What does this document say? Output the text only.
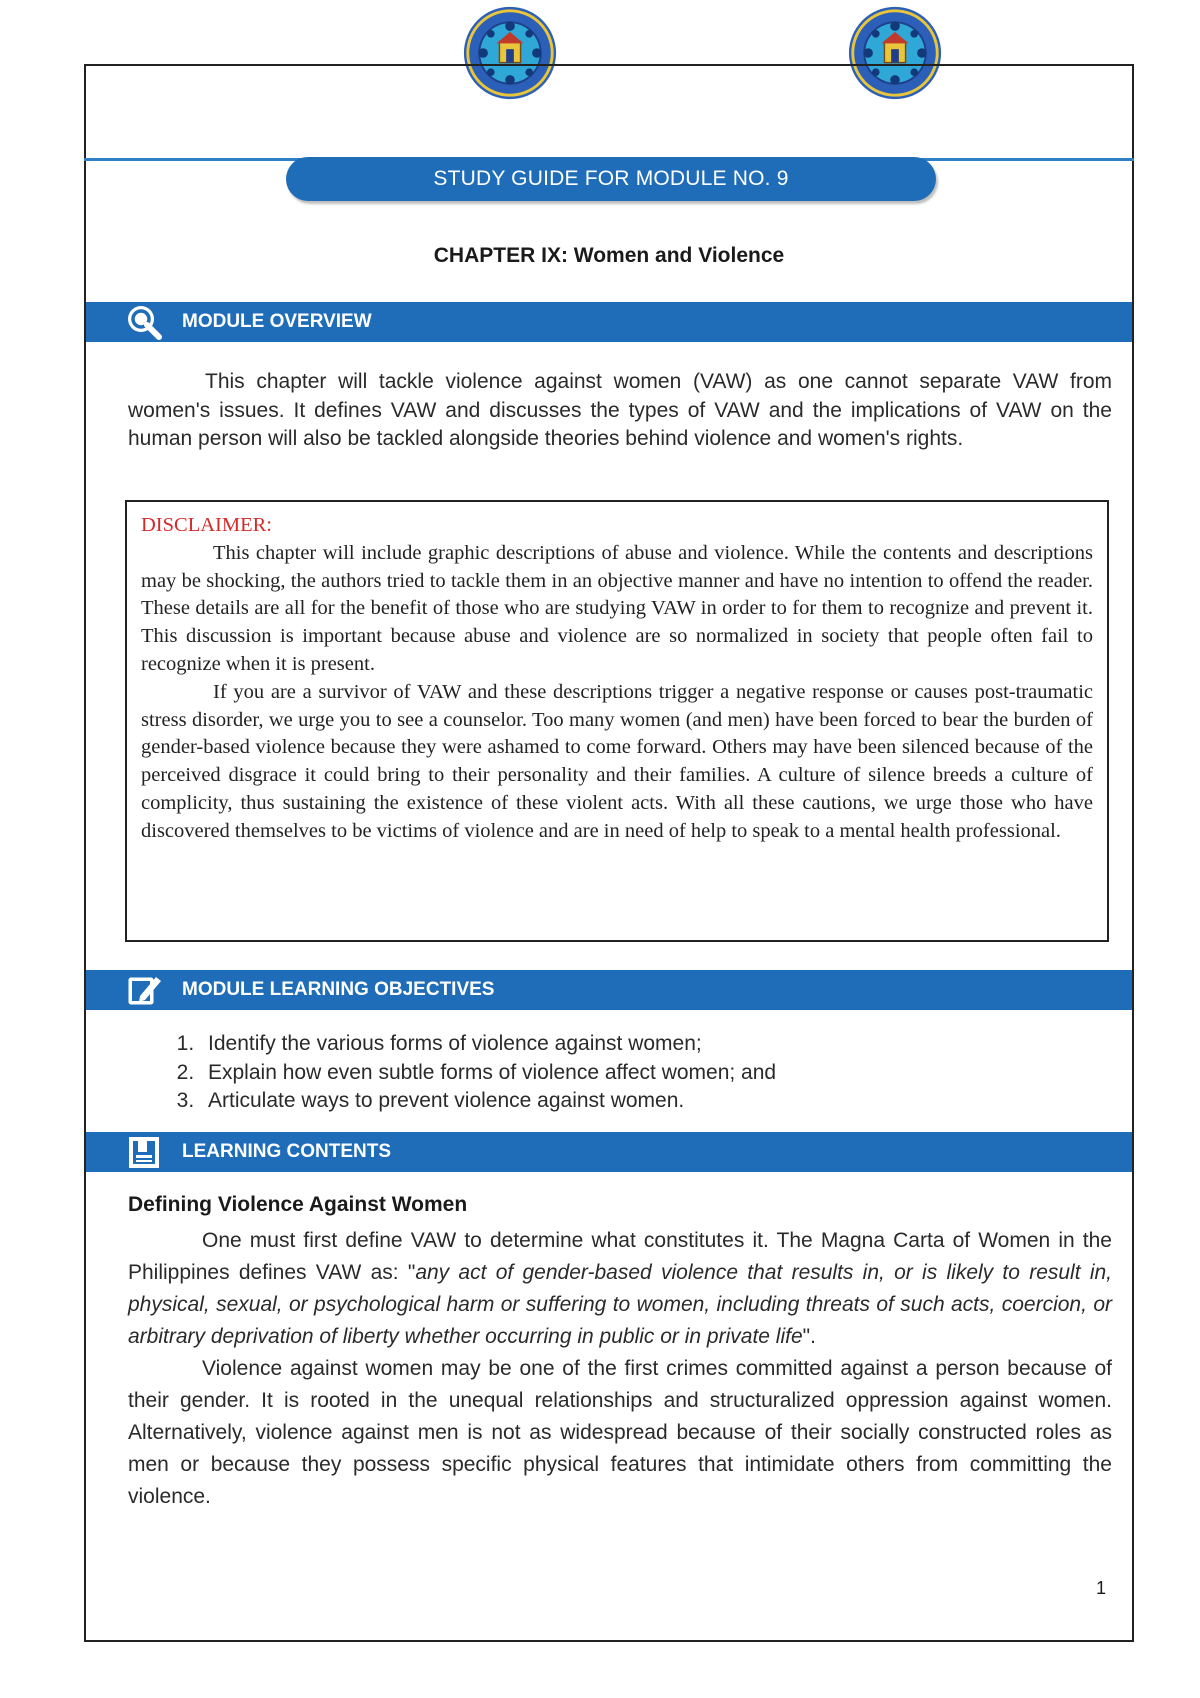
STUDY GUIDE FOR MODULE NO. 9
CHAPTER IX: Women and Violence
MODULE OVERVIEW
This chapter will tackle violence against women (VAW) as one cannot separate VAW from women's issues. It defines VAW and discusses the types of VAW and the implications of VAW on the human person will also be tackled alongside theories behind violence and women's rights.
DISCLAIMER:

This chapter will include graphic descriptions of abuse and violence. While the contents and descriptions may be shocking, the authors tried to tackle them in an objective manner and have no intention to offend the reader. These details are all for the benefit of those who are studying VAW in order to for them to recognize and prevent it. This discussion is important because abuse and violence are so normalized in society that people often fail to recognize when it is present.

If you are a survivor of VAW and these descriptions trigger a negative response or causes post-traumatic stress disorder, we urge you to see a counselor. Too many women (and men) have been forced to bear the burden of gender-based violence because they were ashamed to come forward. Others may have been silenced because of the perceived disgrace it could bring to their personality and their families. A culture of silence breeds a culture of complicity, thus sustaining the existence of these violent acts. With all these cautions, we urge those who have discovered themselves to be victims of violence and are in need of help to speak to a mental health professional.

MODULE LEARNING OBJECTIVES
1. Identify the various forms of violence against women;
2. Explain how even subtle forms of violence affect women; and
3. Articulate ways to prevent violence against women.
LEARNING CONTENTS
Defining Violence Against Women

One must first define VAW to determine what constitutes it. The Magna Carta of Women in the Philippines defines VAW as: "any act of gender-based violence that results in, or is likely to result in, physical, sexual, or psychological harm or suffering to women, including threats of such acts, coercion, or arbitrary deprivation of liberty whether occurring in public or in private life".

Violence against women may be one of the first crimes committed against a person because of their gender. It is rooted in the unequal relationships and structuralized oppression against women. Alternatively, violence against men is not as widespread because of their socially constructed roles as men or because they possess specific physical features that intimidate others from committing the violence.

1
